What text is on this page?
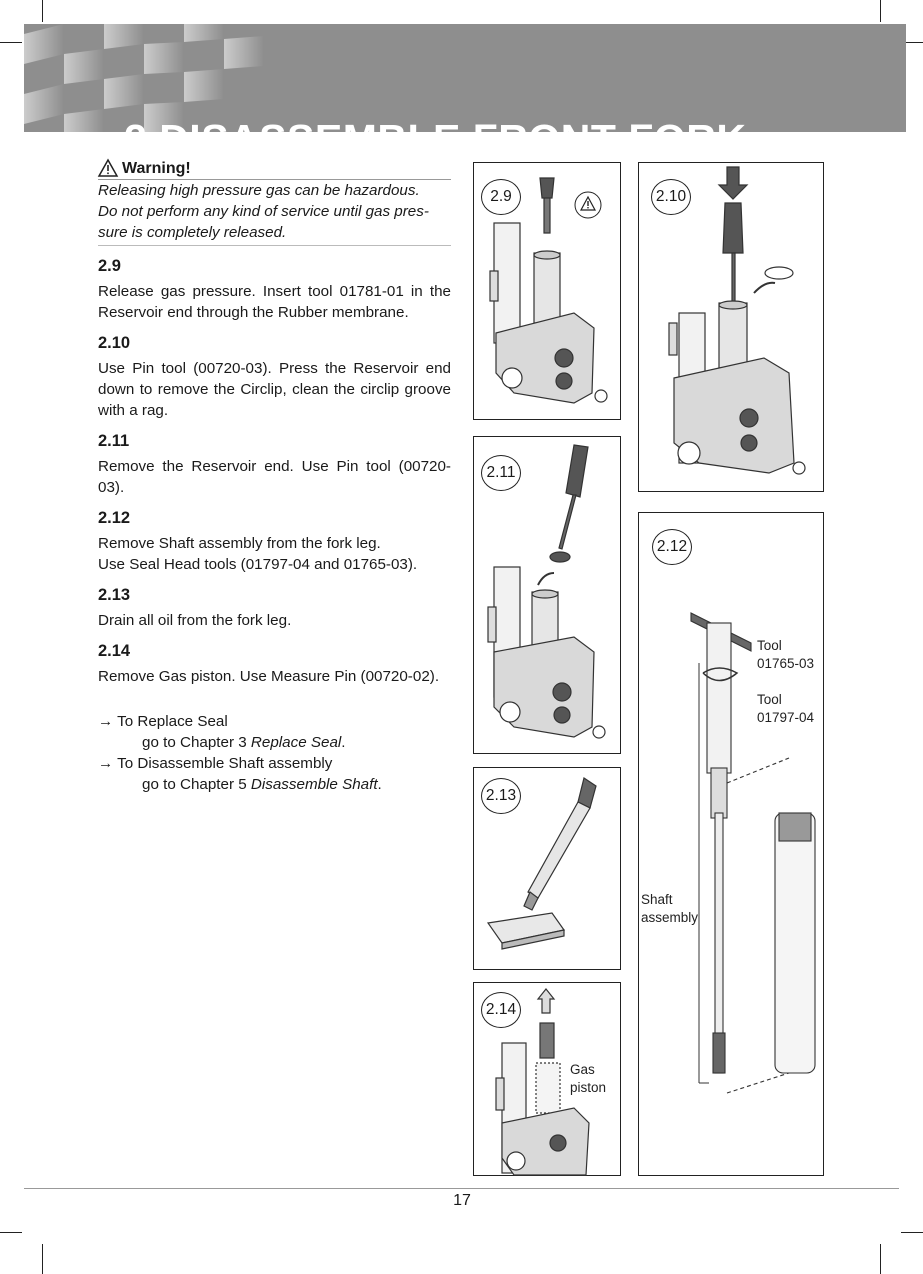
2 DISASSEMBLE FRONT FORK
Warning!
Releasing high pressure gas can be hazardous.
Do not perform any kind of service until gas pres-
sure is completely released.
2.9
Release gas pressure. Insert tool 01781-01 in the Reservoir end through the Rubber membrane.
2.10
Use Pin tool (00720-03). Press the Reservoir end down to remove the Circlip, clean the circlip groove with a rag.
2.11
Remove the Reservoir end. Use Pin tool (00720-03).
2.12
Remove Shaft assembly from the fork leg.
Use Seal Head tools (01797-04 and 01765-03).
2.13
Drain all oil from the fork leg.
2.14
Remove Gas piston. Use Measure Pin (00720-02).
→ To Replace Seal
go to Chapter 3 Replace Seal.
→ To Disassemble Shaft assembly
go to Chapter 5 Disassemble Shaft.
2.9	2.10
2.11
2.13
2.14
Gas
piston
2.12
Tool
01765-03
Tool
01797-04
Shaft
assembly
17
